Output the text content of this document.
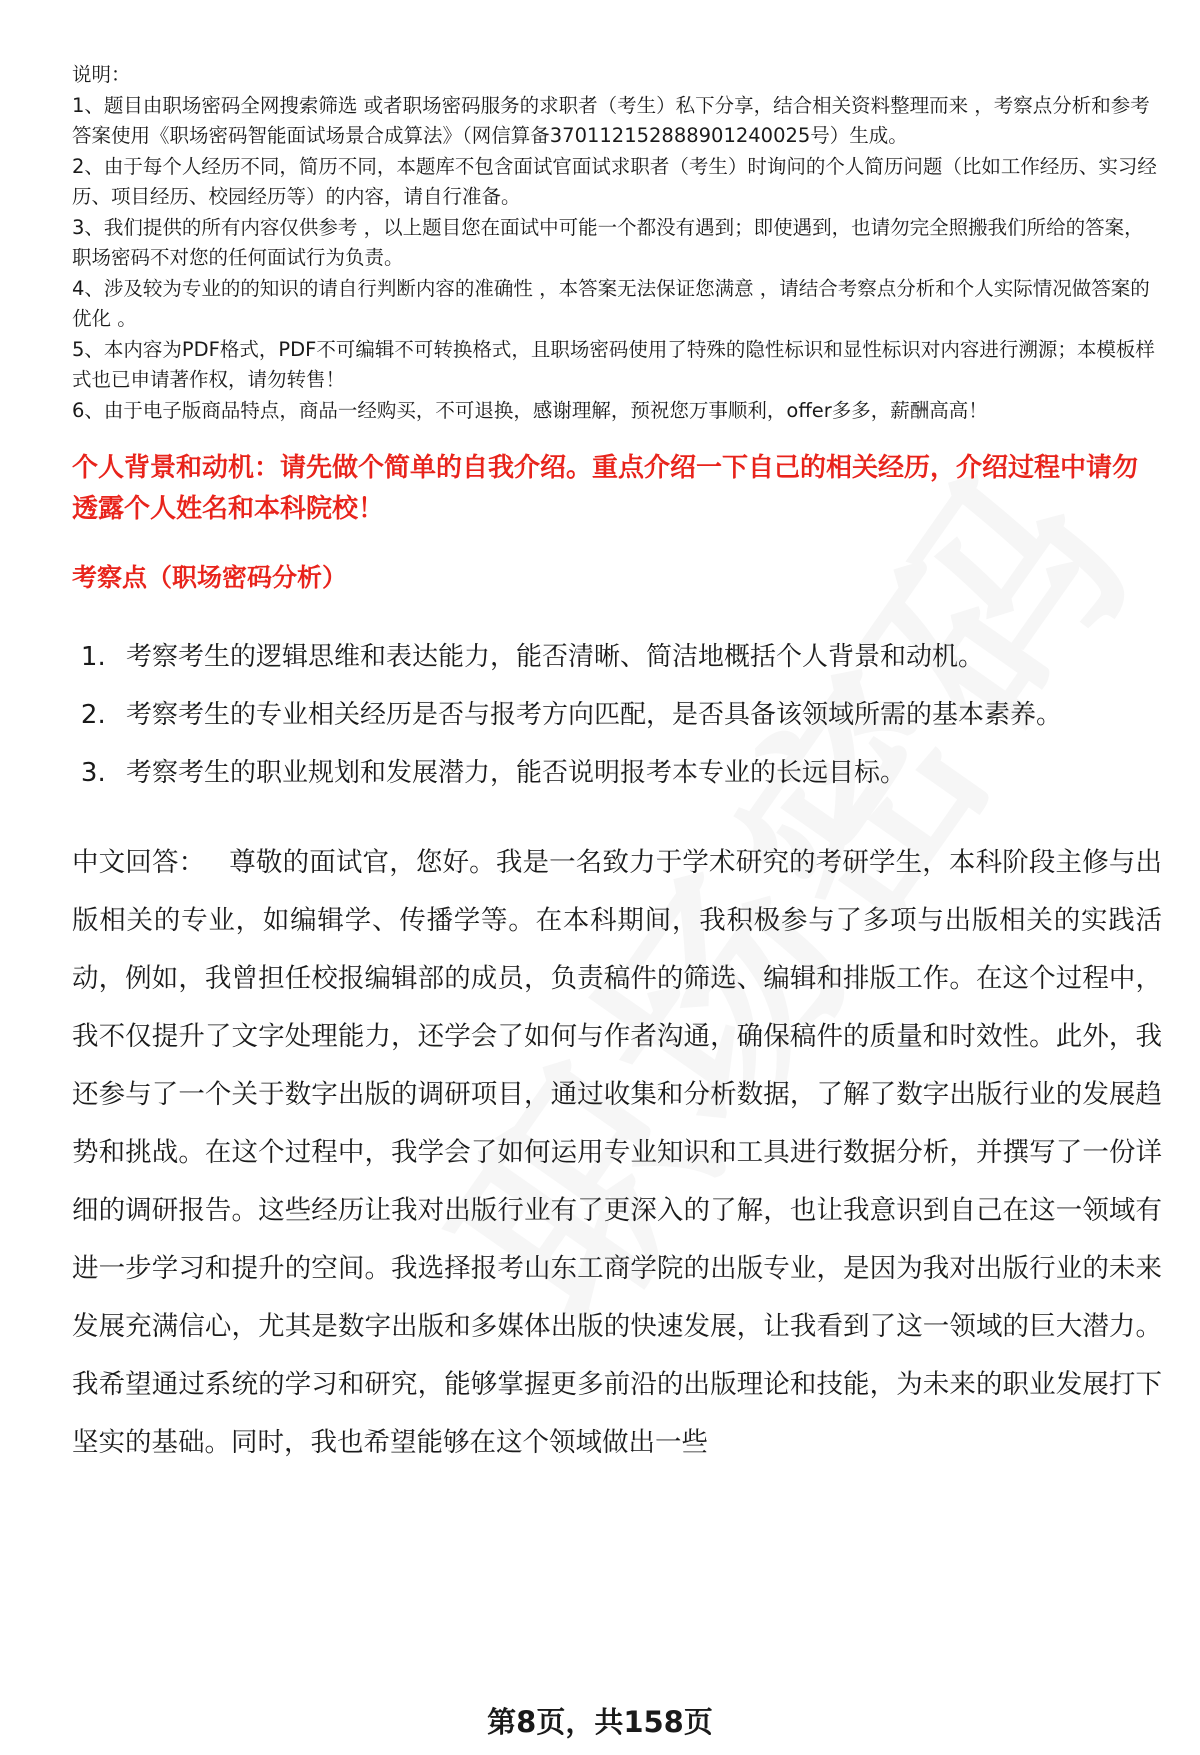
说明：

1、题目由职场密码全网搜索筛选 或者职场密码服务的求职者（考生）私下分享，结合相关资料整理而来 ，考察点分析和参考答案使用《职场密码智能面试场景合成算法》（网信算备370112152888901240025号）生成。

2、由于每个人经历不同，简历不同，本题库不包含面试官面试求职者（考生）时询问的个人简历问题（比如工作经历、实习经历、项目经历、校园经历等）的内容，请自行准备。

3、我们提供的所有内容仅供参考 ，以上题目您在面试中可能一个都没有遇到；即使遇到，也请勿完全照搬我们所给的答案，职场密码不对您的任何面试行为负责。

4、涉及较为专业的的知识的请自行判断内容的准确性 ，本答案无法保证您满意 ，请结合考察点分析和个人实际情况做答案的优化 。

5、本内容为PDF格式，PDF不可编辑不可转换格式，且职场密码使用了特殊的隐性标识和显性标识对内容进行溯源；本模板样式也已申请著作权，请勿转售！

6、由于电子版商品特点，商品一经购买，不可退换，感谢理解，预祝您万事顺利，offer多多，薪酬高高！

个人背景和动机：请先做个简单的自我介绍。重点介绍一下自己的相关经历，介绍过程中请勿透露个人姓名和本科院校！
考察点（职场密码分析）
1. 考察考生的逻辑思维和表达能力，能否清晰、简洁地概括个人背景和动机。
2. 考察考生的专业相关经历是否与报考方向匹配，是否具备该领域所需的基本素养。
3. 考察考生的职业规划和发展潜力，能否说明报考本专业的长远目标。
中文回答： 尊敬的面试官，您好。我是一名致力于学术研究的考研学生，本科阶段主修与出版相关的专业，如编辑学、传播学等。在本科期间，我积极参与了多项与出版相关的实践活动，例如，我曾担任校报编辑部的成员，负责稿件的筛选、编辑和排版工作。在这个过程中，我不仅提升了文字处理能力，还学会了如何与作者沟通，确保稿件的质量和时效性。此外，我还参与了一个关于数字出版的调研项目，通过收集和分析数据，了解了数字出版行业的发展趋势和挑战。在这个过程中，我学会了如何运用专业知识和工具进行数据分析，并撰写了一份详细的调研报告。这些经历让我对出版行业有了更深入的了解，也让我意识到自己在这一领域有进一步学习和提升的空间。我选择报考山东工商学院的出版专业，是因为我对出版行业的未来发展充满信心，尤其是数字出版和多媒体出版的快速发展，让我看到了这一领域的巨大潜力。我希望通过系统的学习和研究，能够掌握更多前沿的出版理论和技能，为未来的职业发展打下坚实的基础。同时，我也希望能够在这个领域做出一些
第8页，共158页
